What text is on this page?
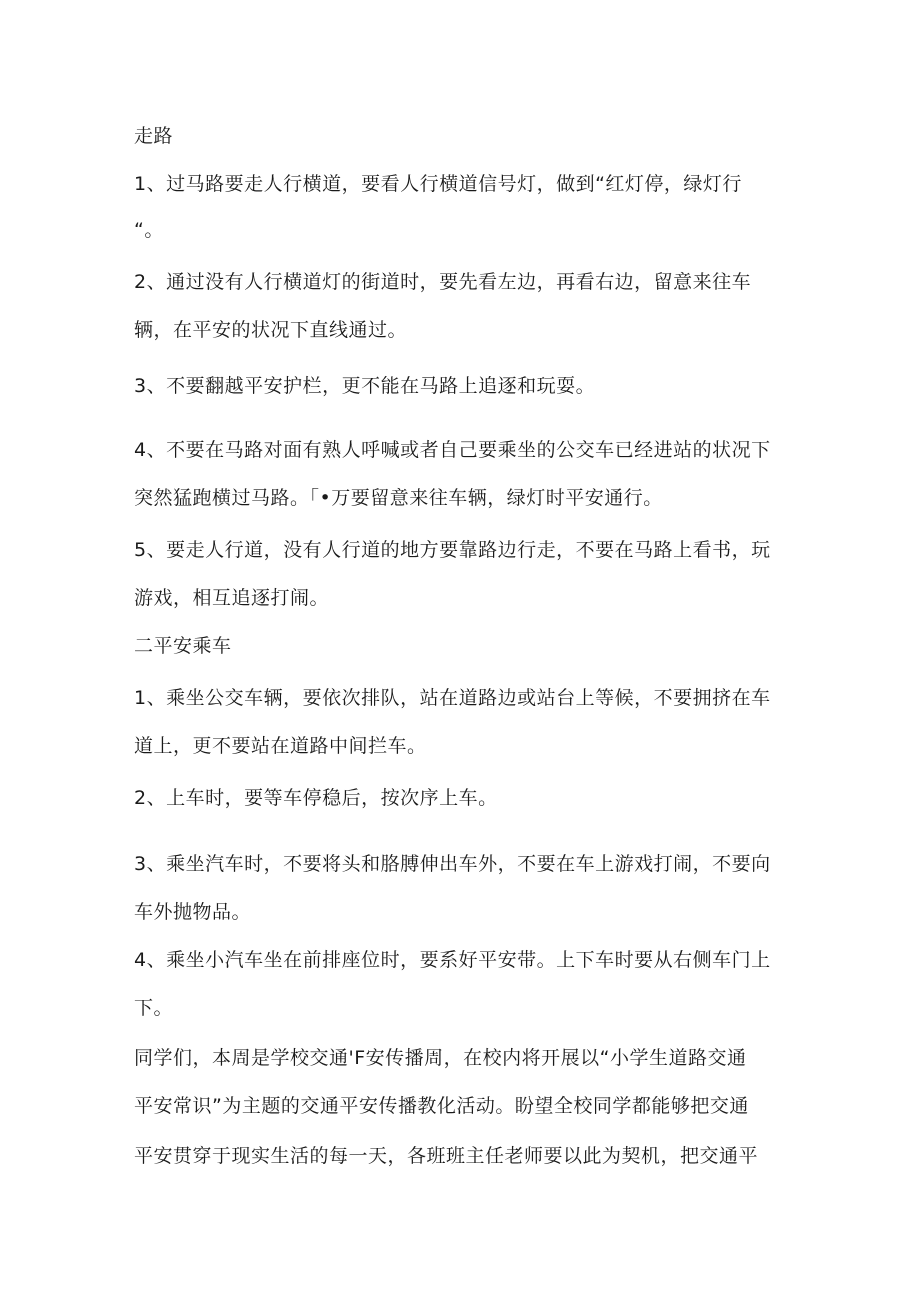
走路
1、过马路要走人行横道，要看人行横道信号灯，做到“红灯停，绿灯行
“。
2、通过没有人行横道灯的街道时，要先看左边，再看右边，留意来往车
辆，在平安的状况下直线通过。
3、不要翻越平安护栏，更不能在马路上追逐和玩耍。
4、不要在马路对面有熟人呼喊或者自己要乘坐的公交车已经进站的状况下
突然猛跑横过马路。「•万要留意来往车辆，绿灯时平安通行。
5、要走人行道，没有人行道的地方要靠路边行走，不要在马路上看书，玩
游戏，相互追逐打闹。
二平安乘车
1、乘坐公交车辆，要依次排队，站在道路边或站台上等候，不要拥挤在车
道上，更不要站在道路中间拦车。
2、上车时，要等车停稳后，按次序上车。
3、乘坐汽车时，不要将头和胳膊伸出车外，不要在车上游戏打闹，不要向
车外抛物品。
4、乘坐小汽车坐在前排座位时，要系好平安带。上下车时要从右侧车门上
下。
同学们，本周是学校交通'F安传播周，在校内将开展以“小学生道路交通
平安常识”为主题的交通平安传播教化活动。盼望全校同学都能够把交通
平安贯穿于现实生活的每一天，各班班主任老师要以此为契机，把交通平
